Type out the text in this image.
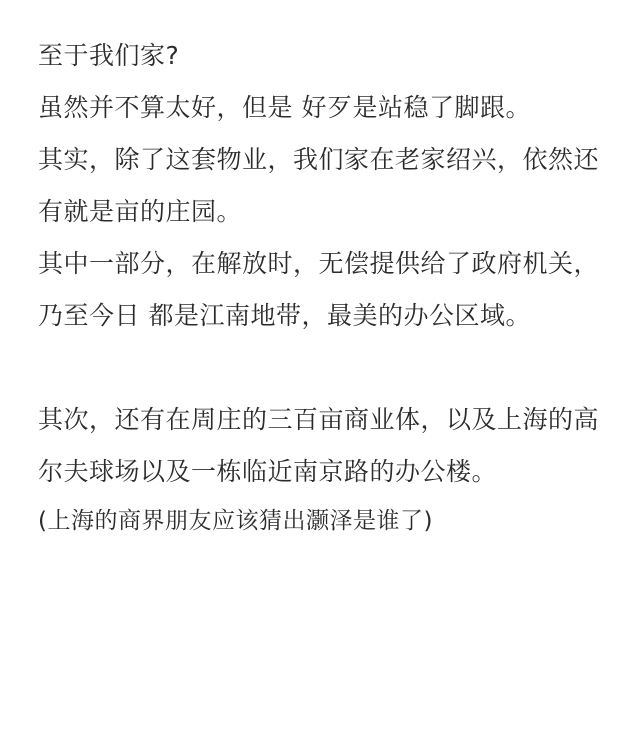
至于我们家?
虽然并不算太好，但是 好歹是站稳了脚跟。
其实，除了这套物业，我们家在老家绍兴，依然还有就是亩的庄园。
其中一部分，在解放时，无偿提供给了政府机关，乃至今日 都是江南地带，最美的办公区域。
其次，还有在周庄的三百亩商业体，以及上海的高尔夫球场以及一栋临近南京路的办公楼。
(上海的商界朋友应该猜出灏泽是谁了)
